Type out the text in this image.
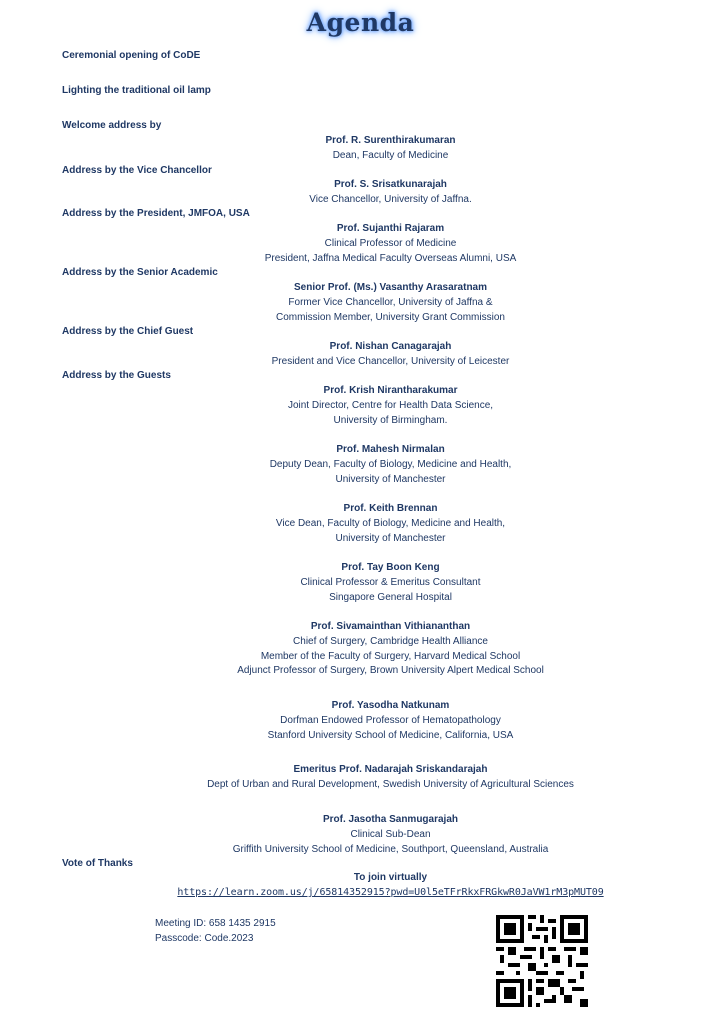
Agenda
Ceremonial opening of CoDE
Lighting the traditional oil lamp
Welcome address by
Address by the Vice Chancellor
Address by the President, JMFOA, USA
Address by the Senior Academic
Address by the Chief Guest
Address by the Guests
Vote of Thanks
Prof. R. Surenthirakumaran
Dean, Faculty of Medicine
Prof. S. Srisatkunarajah
Vice Chancellor, University of Jaffna.
Prof. Sujanthi Rajaram
Clinical Professor of Medicine
President, Jaffna Medical Faculty Overseas Alumni, USA
Senior Prof. (Ms.) Vasanthy Arasaratnam
Former Vice Chancellor, University of Jaffna &
Commission Member, University Grant Commission
Prof. Nishan Canagarajah
President and Vice Chancellor, University of Leicester
Prof. Krish Nirantharakumar
Joint Director, Centre for Health Data Science,
University of Birmingham.
Prof. Mahesh Nirmalan
Deputy Dean, Faculty of Biology, Medicine and Health,
University of Manchester
Prof. Keith Brennan
Vice Dean, Faculty of Biology, Medicine and Health,
University of Manchester
Prof. Tay Boon Keng
Clinical Professor & Emeritus Consultant
Singapore General Hospital
Prof. Sivamainthan Vithiananthan
Chief of Surgery, Cambridge Health Alliance
Member of the Faculty of Surgery, Harvard Medical School
Adjunct Professor of Surgery, Brown University Alpert Medical School
Prof. Yasodha Natkunam
Dorfman Endowed Professor of Hematopathology
Stanford University School of Medicine, California, USA
Emeritus Prof. Nadarajah Sriskandarajah
Dept of Urban and Rural Development, Swedish University of Agricultural Sciences
Prof. Jasotha Sanmugarajah
Clinical Sub-Dean
Griffith University School of Medicine, Southport, Queensland, Australia
To join virtually
https://learn.zoom.us/j/65814352915?pwd=U0l5eTFrRkxFRGkwR0JaVW1rM3pMUT09
Meeting ID: 658 1435 2915
Passcode: Code.2023
